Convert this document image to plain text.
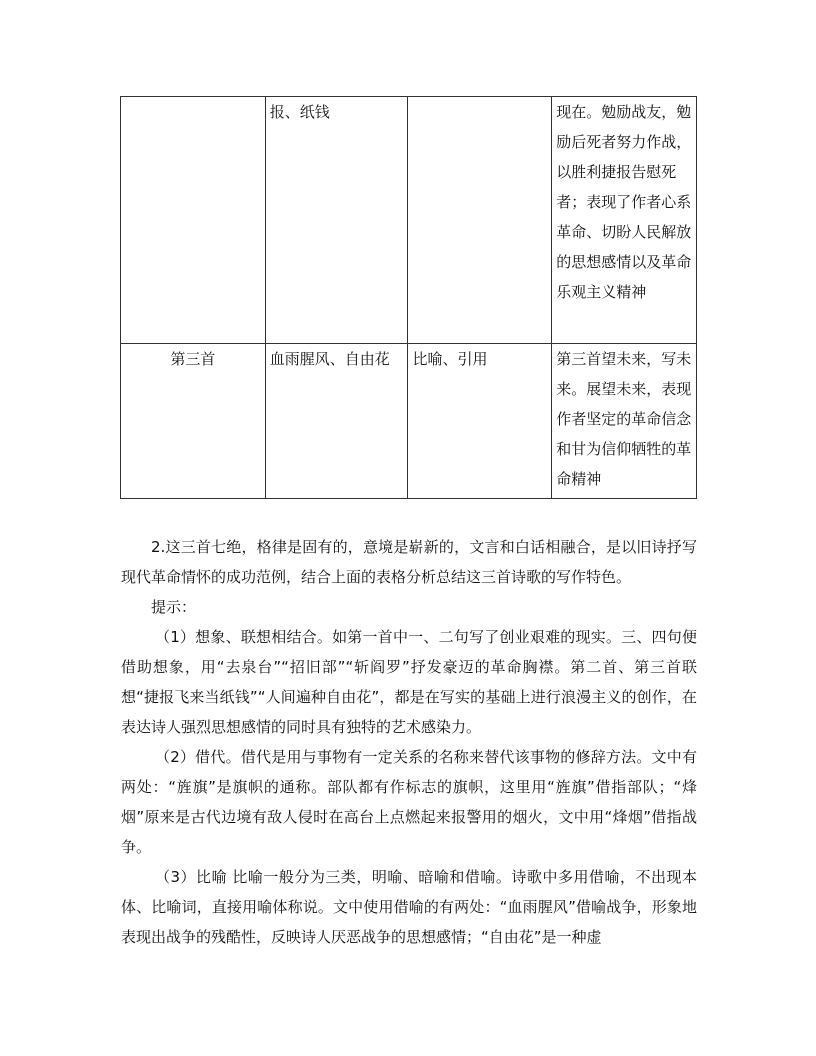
	报、纸钱		现在。勉励战友，勉励后死者努力作战，以胜利捷报告慰死者；表现了作者心系革命、切盼人民解放的思想感情以及革命乐观主义精神
第三首	血雨腥风、自由花	比喻、引用	第三首望未来，写未来。展望未来，表现作者坚定的革命信念和甘为信仰牺牲的革命精神

2.这三首七绝，格律是固有的，意境是崭新的，文言和白话相融合，是以旧诗抒写现代革命情怀的成功范例，结合上面的表格分析总结这三首诗歌的写作特色。

提示：

（1）想象、联想相结合。如第一首中一、二句写了创业艰难的现实。三、四句便借助想象，用“去泉台”“招旧部”“斩阎罗”抒发豪迈的革命胸襟。第二首、第三首联想“捷报飞来当纸钱”“人间遍种自由花”，都是在写实的基础上进行浪漫主义的创作，在表达诗人强烈思想感情的同时具有独特的艺术感染力。

（2）借代。借代是用与事物有一定关系的名称来替代该事物的修辞方法。文中有两处：“旌旗”是旗帜的通称。部队都有作标志的旗帜，这里用“旌旗”借指部队；“烽烟”原来是古代边境有敌人侵时在高台上点燃起来报警用的烟火，文中用“烽烟”借指战争。

（3）比喻 比喻一般分为三类，明喻、暗喻和借喻。诗歌中多用借喻，不出现本体、比喻词，直接用喻体称说。文中使用借喻的有两处：“血雨腥风”借喻战争，形象地表现出战争的残酷性，反映诗人厌恶战争的思想感情；“自由花”是一种虚
